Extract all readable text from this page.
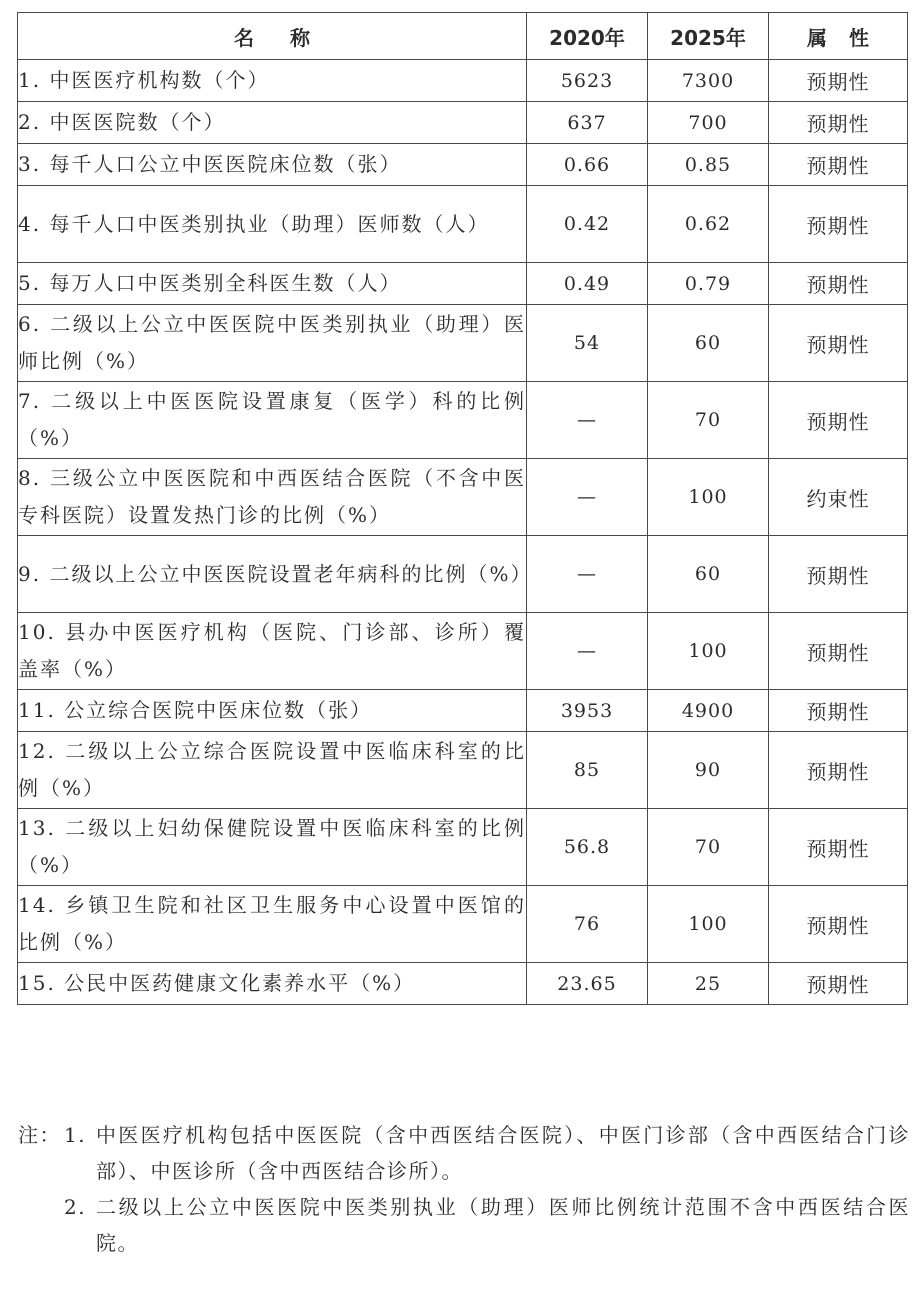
名称	2020年	2025年	属性
1. 中医医疗机构数（个）	5623	7300	预期性
2. 中医医院数（个）	637	700	预期性
3. 每千人口公立中医医院床位数（张）	0.66	0.85	预期性
4. 每千人口中医类别执业（助理）医师数（人）	0.42	0.62	预期性
5. 每万人口中医类别全科医生数（人）	0.49	0.79	预期性
6. 二级以上公立中医医院中医类别执业（助理）医师比例（%）	54	60	预期性
7. 二级以上中医医院设置康复（医学）科的比例（%）	—	70	预期性
8. 三级公立中医医院和中西医结合医院（不含中医专科医院）设置发热门诊的比例（%）	—	100	约束性
9. 二级以上公立中医医院设置老年病科的比例（%）	—	60	预期性
10. 县办中医医疗机构（医院、门诊部、诊所）覆盖率（%）	—	100	预期性
11. 公立综合医院中医床位数（张）	3953	4900	预期性
12. 二级以上公立综合医院设置中医临床科室的比例（%）	85	90	预期性
13. 二级以上妇幼保健院设置中医临床科室的比例（%）	56.8	70	预期性
14. 乡镇卫生院和社区卫生服务中心设置中医馆的比例（%）	76	100	预期性
15. 公民中医药健康文化素养水平（%）	23.65	25	预期性
注： 1. 中医医疗机构包括中医医院（含中西医结合医院）、中医门诊部（含中西医结合门诊部）、中医诊所（含中西医结合诊所）。
2. 二级以上公立中医医院中医类别执业（助理）医师比例统计范围不含中西医结合医院。
